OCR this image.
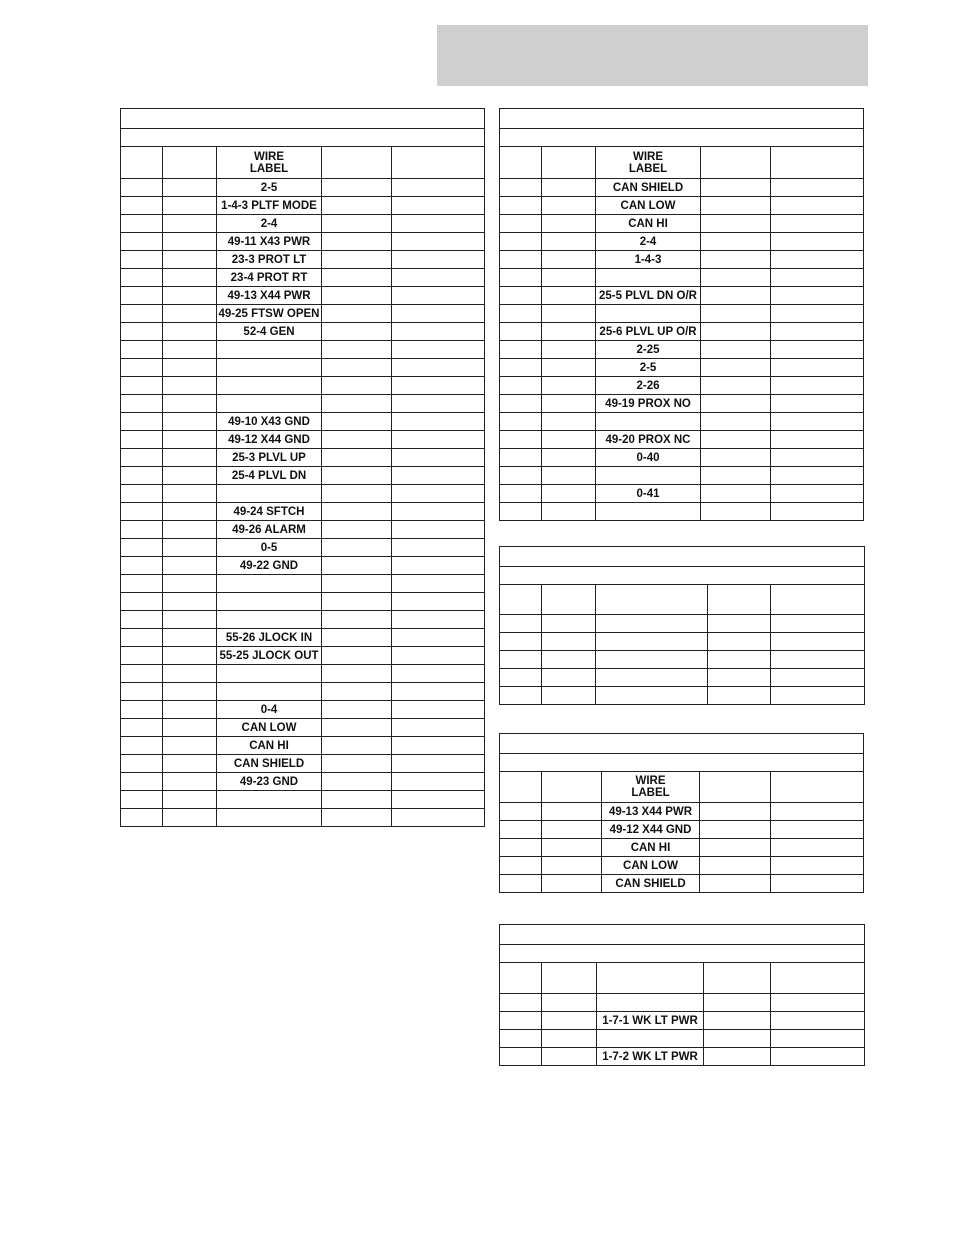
		WIRE
LABEL		

		2-5		
		1-4-3 PLTF MODE		
		2-4		
		49-11 X43 PWR		
		23-3 PROT LT		
		23-4 PROT RT		
		49-13 X44 PWR		
		49-25 FTSW OPEN		
		52-4 GEN		

		49-10 X43 GND		
		49-12 X44 GND		
		25-3 PLVL UP		
		25-4 PLVL DN		

		49-24 SFTCH		
		49-26 ALARM		
		0-5		
		49-22 GND		

		55-26 JLOCK IN		
		55-25 JLOCK OUT		

		0-4		
		CAN LOW		
		CAN HI		
		CAN SHIELD		
		49-23 GND		

		WIRE
LABEL		

		CAN SHIELD		
		CAN LOW		
		CAN HI		
		2-4		
		1-4-3		

		25-5 PLVL DN O/R		

		25-6 PLVL UP O/R		
		2-25		
		2-5		
		2-26		
		49-19 PROX NO		

		49-20 PROX NC		
		0-40		

		0-41		

		WIRE
LABEL		

		49-13 X44 PWR		
		49-12 X44 GND		
		CAN HI		
		CAN LOW		
		CAN SHIELD		

		1-7-1 WK LT PWR		

		1-7-2 WK LT PWR		
